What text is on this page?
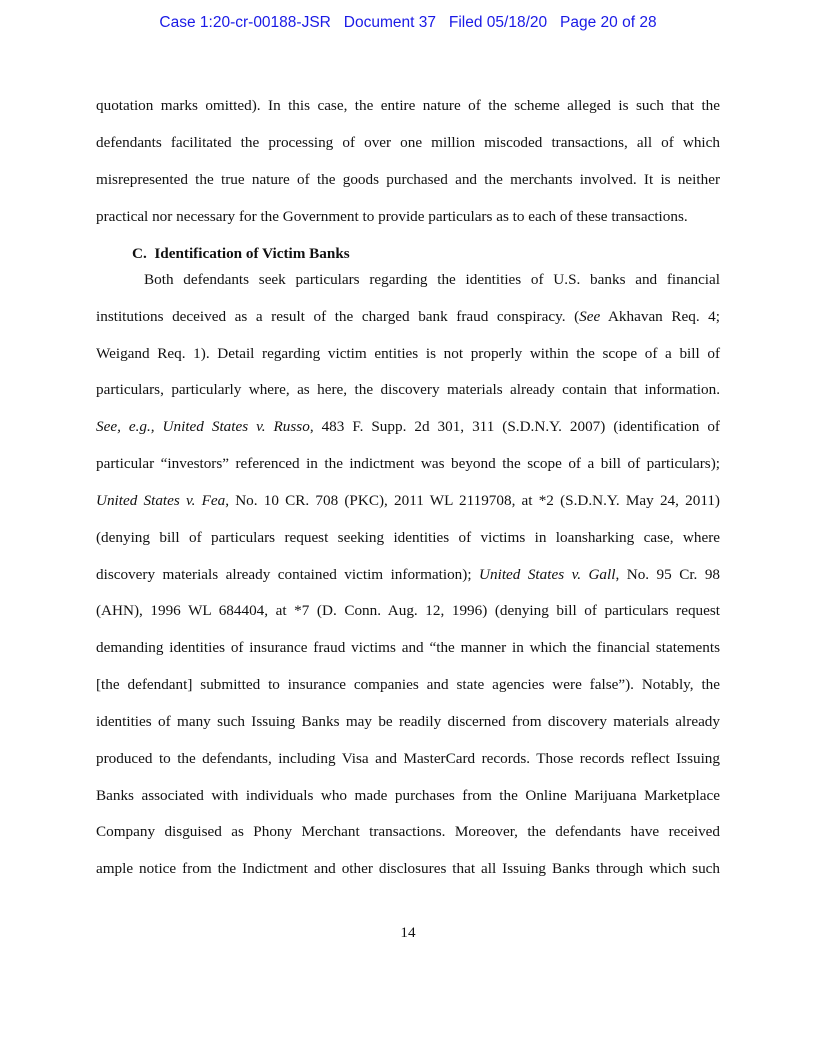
Case 1:20-cr-00188-JSR   Document 37   Filed 05/18/20   Page 20 of 28
quotation marks omitted). In this case, the entire nature of the scheme alleged is such that the
defendants facilitated the processing of over one million miscoded transactions, all of which
misrepresented the true nature of the goods purchased and the merchants involved. It is neither
practical nor necessary for the Government to provide particulars as to each of these transactions.
C. Identification of Victim Banks
Both defendants seek particulars regarding the identities of U.S. banks and financial
institutions deceived as a result of the charged bank fraud conspiracy. (See Akhavan Req. 4;
Weigand Req. 1). Detail regarding victim entities is not properly within the scope of a bill of
particulars, particularly where, as here, the discovery materials already contain that information.
See, e.g., United States v. Russo, 483 F. Supp. 2d 301, 311 (S.D.N.Y. 2007) (identification of
particular “investors” referenced in the indictment was beyond the scope of a bill of particulars);
United States v. Fea, No. 10 CR. 708 (PKC), 2011 WL 2119708, at *2 (S.D.N.Y. May 24, 2011)
(denying bill of particulars request seeking identities of victims in loansharking case, where
discovery materials already contained victim information); United States v. Gall, No. 95 Cr. 98
(AHN), 1996 WL 684404, at *7 (D. Conn. Aug. 12, 1996) (denying bill of particulars request
demanding identities of insurance fraud victims and “the manner in which the financial statements
[the defendant] submitted to insurance companies and state agencies were false”). Notably, the
identities of many such Issuing Banks may be readily discerned from discovery materials already
produced to the defendants, including Visa and MasterCard records. Those records reflect Issuing
Banks associated with individuals who made purchases from the Online Marijuana Marketplace
Company disguised as Phony Merchant transactions. Moreover, the defendants have received
ample notice from the Indictment and other disclosures that all Issuing Banks through which such
14
